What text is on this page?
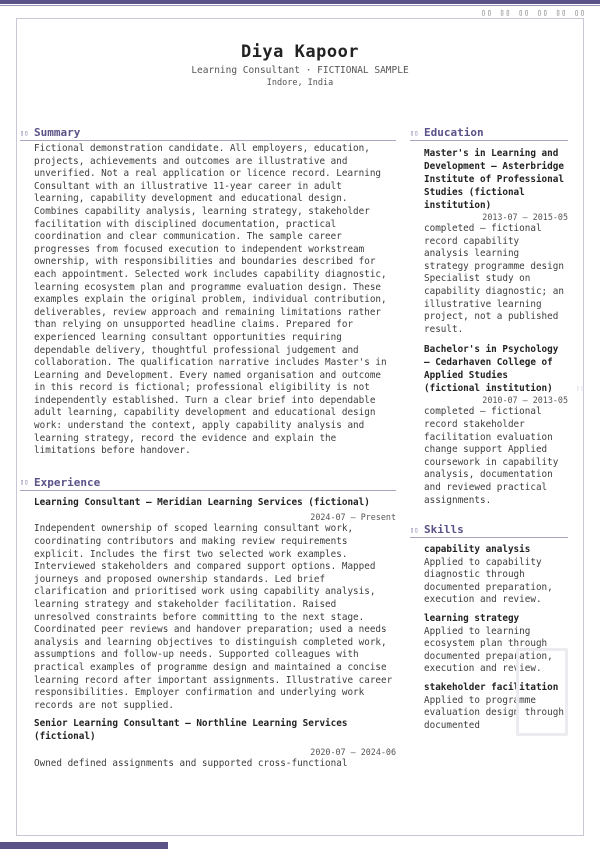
▯▯ ▯▯ ▯▯ ▯▯ ▯▯ ▯▯
Diya Kapoor
Learning Consultant · FICTIONAL SAMPLE
Indore, India
▯▯ Summary
Fictional demonstration candidate. All employers, education, projects, achievements and outcomes are illustrative and unverified. Not a real application or licence record. Learning Consultant with an illustrative 11-year career in adult learning, capability development and educational design. Combines capability analysis, learning strategy, stakeholder facilitation with disciplined documentation, practical coordination and clear communication. The sample career progresses from focused execution to independent workstream ownership, with responsibilities and boundaries described for each appointment. Selected work includes capability diagnostic, learning ecosystem plan and programme evaluation design. These examples explain the original problem, individual contribution, deliverables, review approach and remaining limitations rather than relying on unsupported headline claims. Prepared for experienced learning consultant opportunities requiring dependable delivery, thoughtful professional judgement and collaboration. The qualification narrative includes Master's in Learning and Development. Every named organisation and outcome in this record is fictional; professional eligibility is not independently established. Turn a clear brief into dependable adult learning, capability development and educational design work: understand the context, apply capability analysis and learning strategy, record the evidence and explain the limitations before handover.
▯▯ Experience
Learning Consultant — Meridian Learning Services (fictional)
2024-07 – Present
Independent ownership of scoped learning consultant work, coordinating contributors and making review requirements explicit. Includes the first two selected work examples. Interviewed stakeholders and compared support options. Mapped journeys and proposed ownership standards. Led brief clarification and prioritised work using capability analysis, learning strategy and stakeholder facilitation. Raised unresolved constraints before committing to the next stage. Coordinated peer reviews and handover preparation; used a needs analysis and learning objectives to distinguish completed work, assumptions and follow-up needs. Supported colleagues with practical examples of programme design and maintained a concise learning record after important assignments. Illustrative career responsibilities. Employer confirmation and underlying work records are not supplied.
Senior Learning Consultant — Northline Learning Services (fictional)
2020-07 – 2024-06
Owned defined assignments and supported cross-functional
▯▯ Education
Master's in Learning and Development — Asterbridge Institute of Professional Studies (fictional institution)
2013-07 – 2015-05
completed — fictional record capability analysis learning strategy programme design Specialist study on capability diagnostic; an illustrative learning project, not a published result.
Bachelor's in Psychology — Cedarhaven College of Applied Studies (fictional institution)
2010-07 – 2013-05
completed — fictional record stakeholder facilitation evaluation change support Applied coursework in capability analysis, documentation and reviewed practical assignments.
▯▯ Skills
capability analysis
Applied to capability diagnostic through documented preparation, execution and review.
learning strategy
Applied to learning ecosystem plan through documented preparation, execution and review.
stakeholder facilitation
Applied to programme evaluation design through documented
▯▯
